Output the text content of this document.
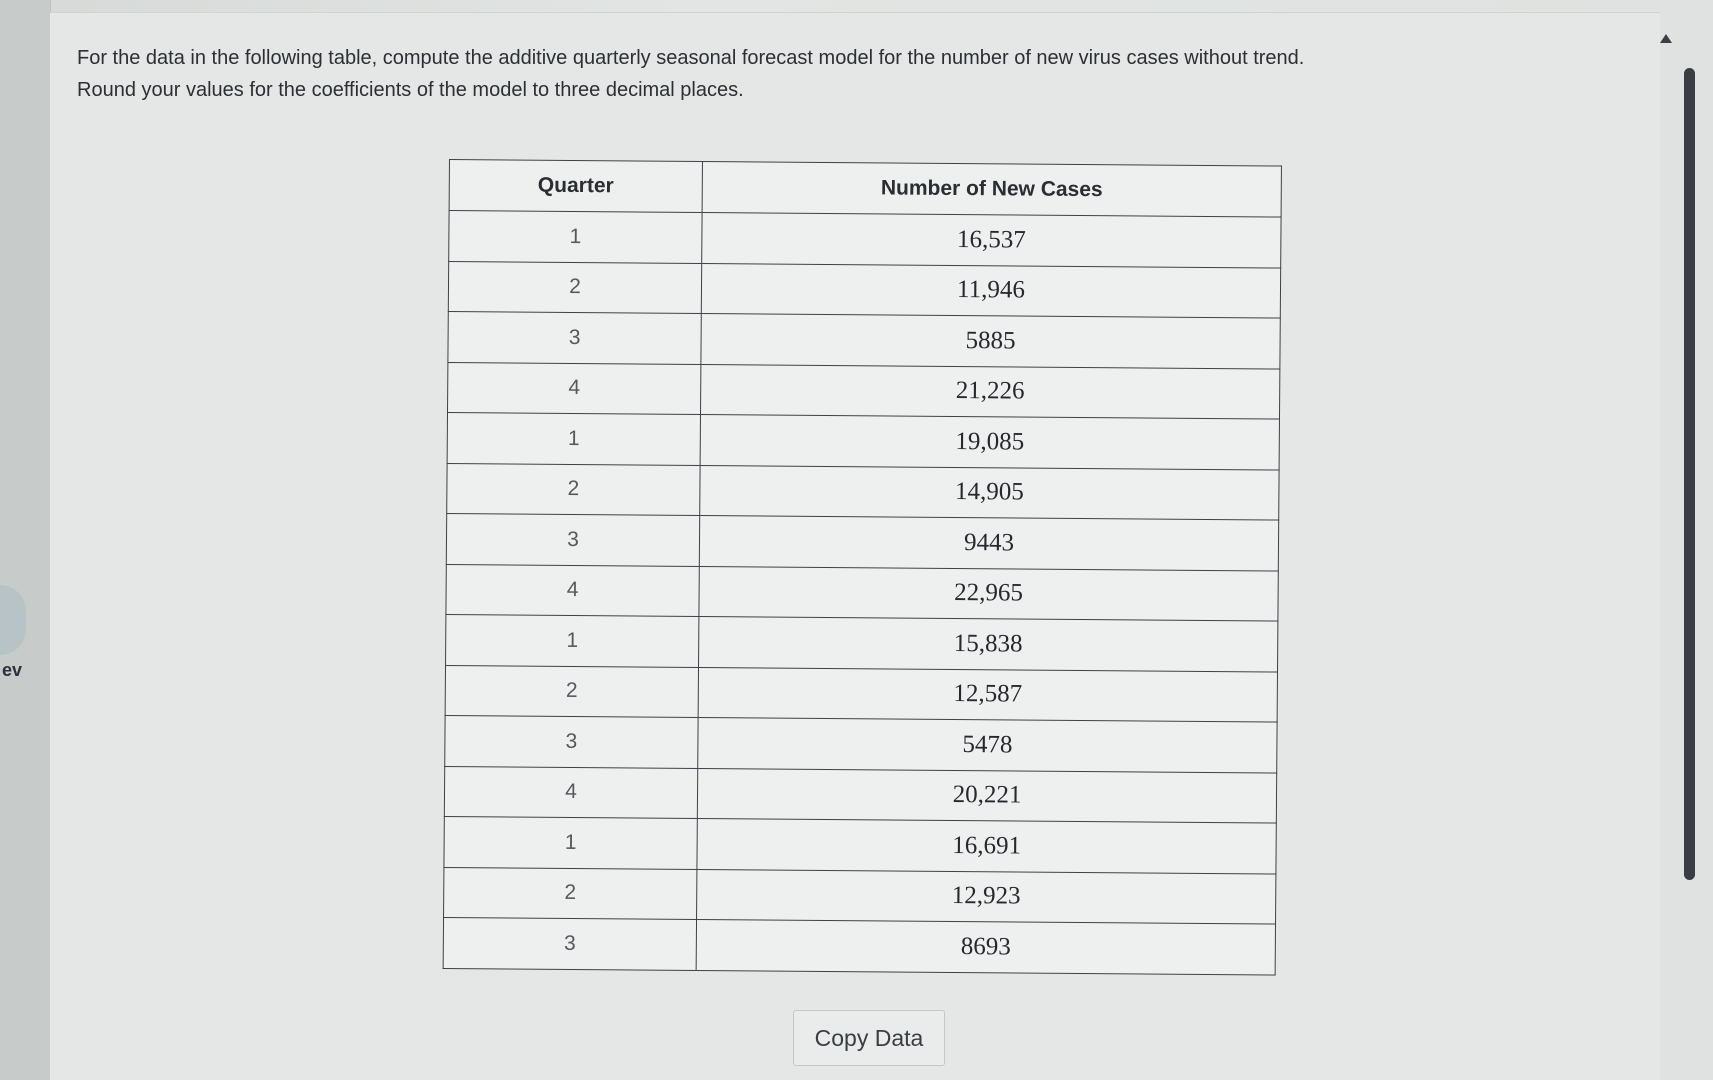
ev

For the data in the following table, compute the additive quarterly seasonal forecast model for the number of new virus cases without trend.

Round your values for the coefficients of the model to three decimal places.

Quarter	Number of New Cases
1	16,537
2	11,946
3	5885
4	21,226
1	19,085
2	14,905
3	9443
4	22,965
1	15,838
2	12,587
3	5478
4	20,221
1	16,691
2	12,923
3	8693
Copy Data
